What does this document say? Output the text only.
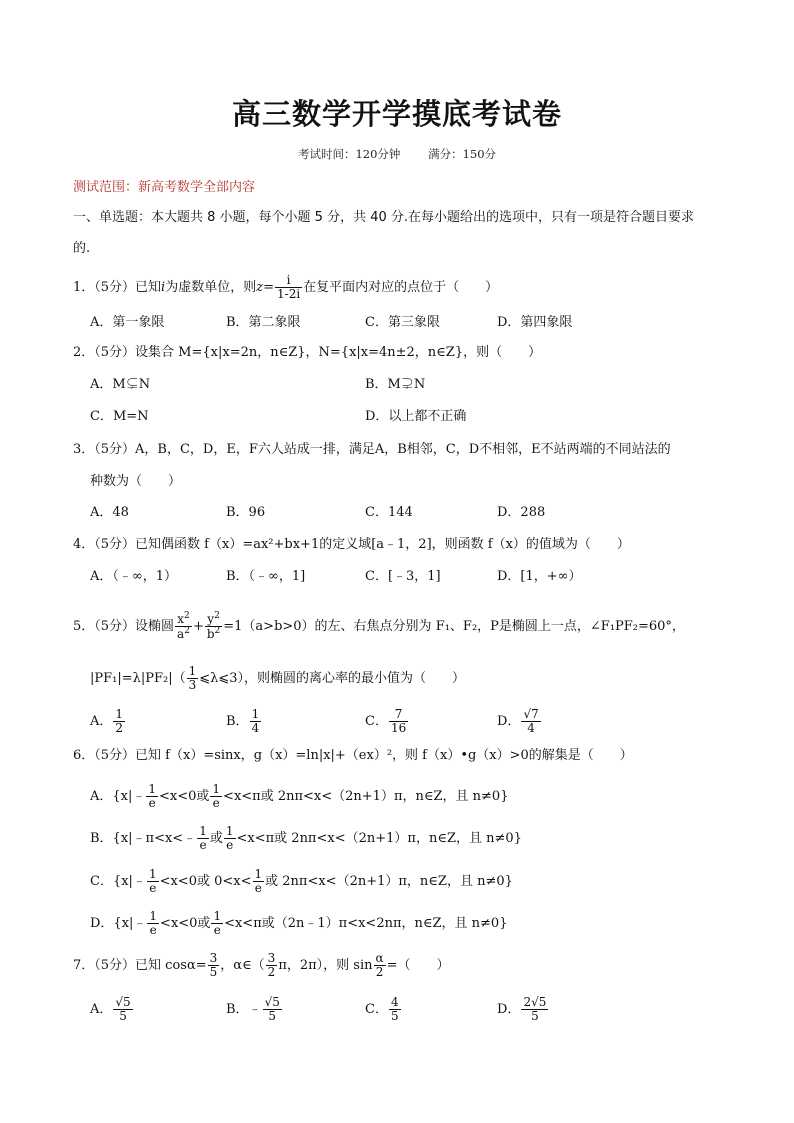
高三数学开学摸底考试卷
考试时间：120分钟 满分：150分
测试范围：新高考数学全部内容
一、单选题：本大题共 8 小题，每个小题 5 分，共 40 分.在每小题给出的选项中，只有一项是符合题目要求
的.
1．（5分）已知i为虚数单位，则$z= \frac{i}{1-2i}$ 在复平面内对应的点位于（　　）
A．第一象限	B．第二象限	C．第三象限	D．第四象限
2．（5分）设集合 M={x|x=2n，n∈Z}，N={x|x=4n±2，n∈Z}，则（　　）
A．M⊊N	B．M⊋N
C．M=N	D．以上都不正确
3．（5分）A，B，C，D，E，F六人站成一排，满足A，B相邻，C，D不相邻，E不站两端的不同站法的
种数为（　　）
A．48	B．96	C．144	D．288
4．（5分）已知偶函数 f（x）=ax²+bx+1的定义域[a﹣1，2]，则函数 f（x）的值域为（　　）
A．（﹣∞，1）	B．（﹣∞，1]	C．[﹣3，1]	D．[1，+∞）
5．（5分）设椭圆 $\frac{x^2}{a^2} + \frac{y^2}{b^2} =1(a>b>0)$的左、右焦点分别为 F₁、F₂，P是椭圆上一点，∠F₁PF₂=60°，
$|PF_1|=\lambda|PF_2|( \frac{1}{3}$ ⩽λ⩽3），则椭圆的离心率的最小值为（　　）
A． $\frac{1}{2}$	B． $\frac{1}{4}$	C． $\frac{7}{16}$	D． $\frac{√7}{4}$
6．（5分）已知 f（x）=sinx，g（x）=ln|x|+（ex）²，则 f（x）•g（x）>0的解集是（　　）
A．{x|﹣ $\frac{1}{e} <x<0$或 $\frac{1}{e} <x<\pi$或 2nπ<x<（2n+1）π，n∈Z，且 n≠0}
B．{x|﹣π<x<﹣ $\frac{1}{e}$ 或 $\frac{1}{e} <x<\pi$或 2nπ<x<（2n+1）π，n∈Z，且 n≠0}
C．{x|﹣ $\frac{1}{e} <x<0$或 $0<x< \frac{1}{e}$ 或 2nπ<x<（2n+1）π，n∈Z，且 n≠0}
D．{x|﹣ $\frac{1}{e} <x<0$或 $\frac{1}{e} <x<\pi$或（2n﹣1）π<x<2nπ，n∈Z，且 n≠0}
7．（5分）已知 $\cos\alpha= \frac{3}{5}$ ，α∈（ $\frac{3}{2}$ π，2π），则 $\sin \frac{\alpha}{2}$ =（　　）
A． $\frac{√5}{5}$	B．﹣ $\frac{√5}{5}$	C． $\frac{4}{5}$	D． $\frac{2√5}{5}$
